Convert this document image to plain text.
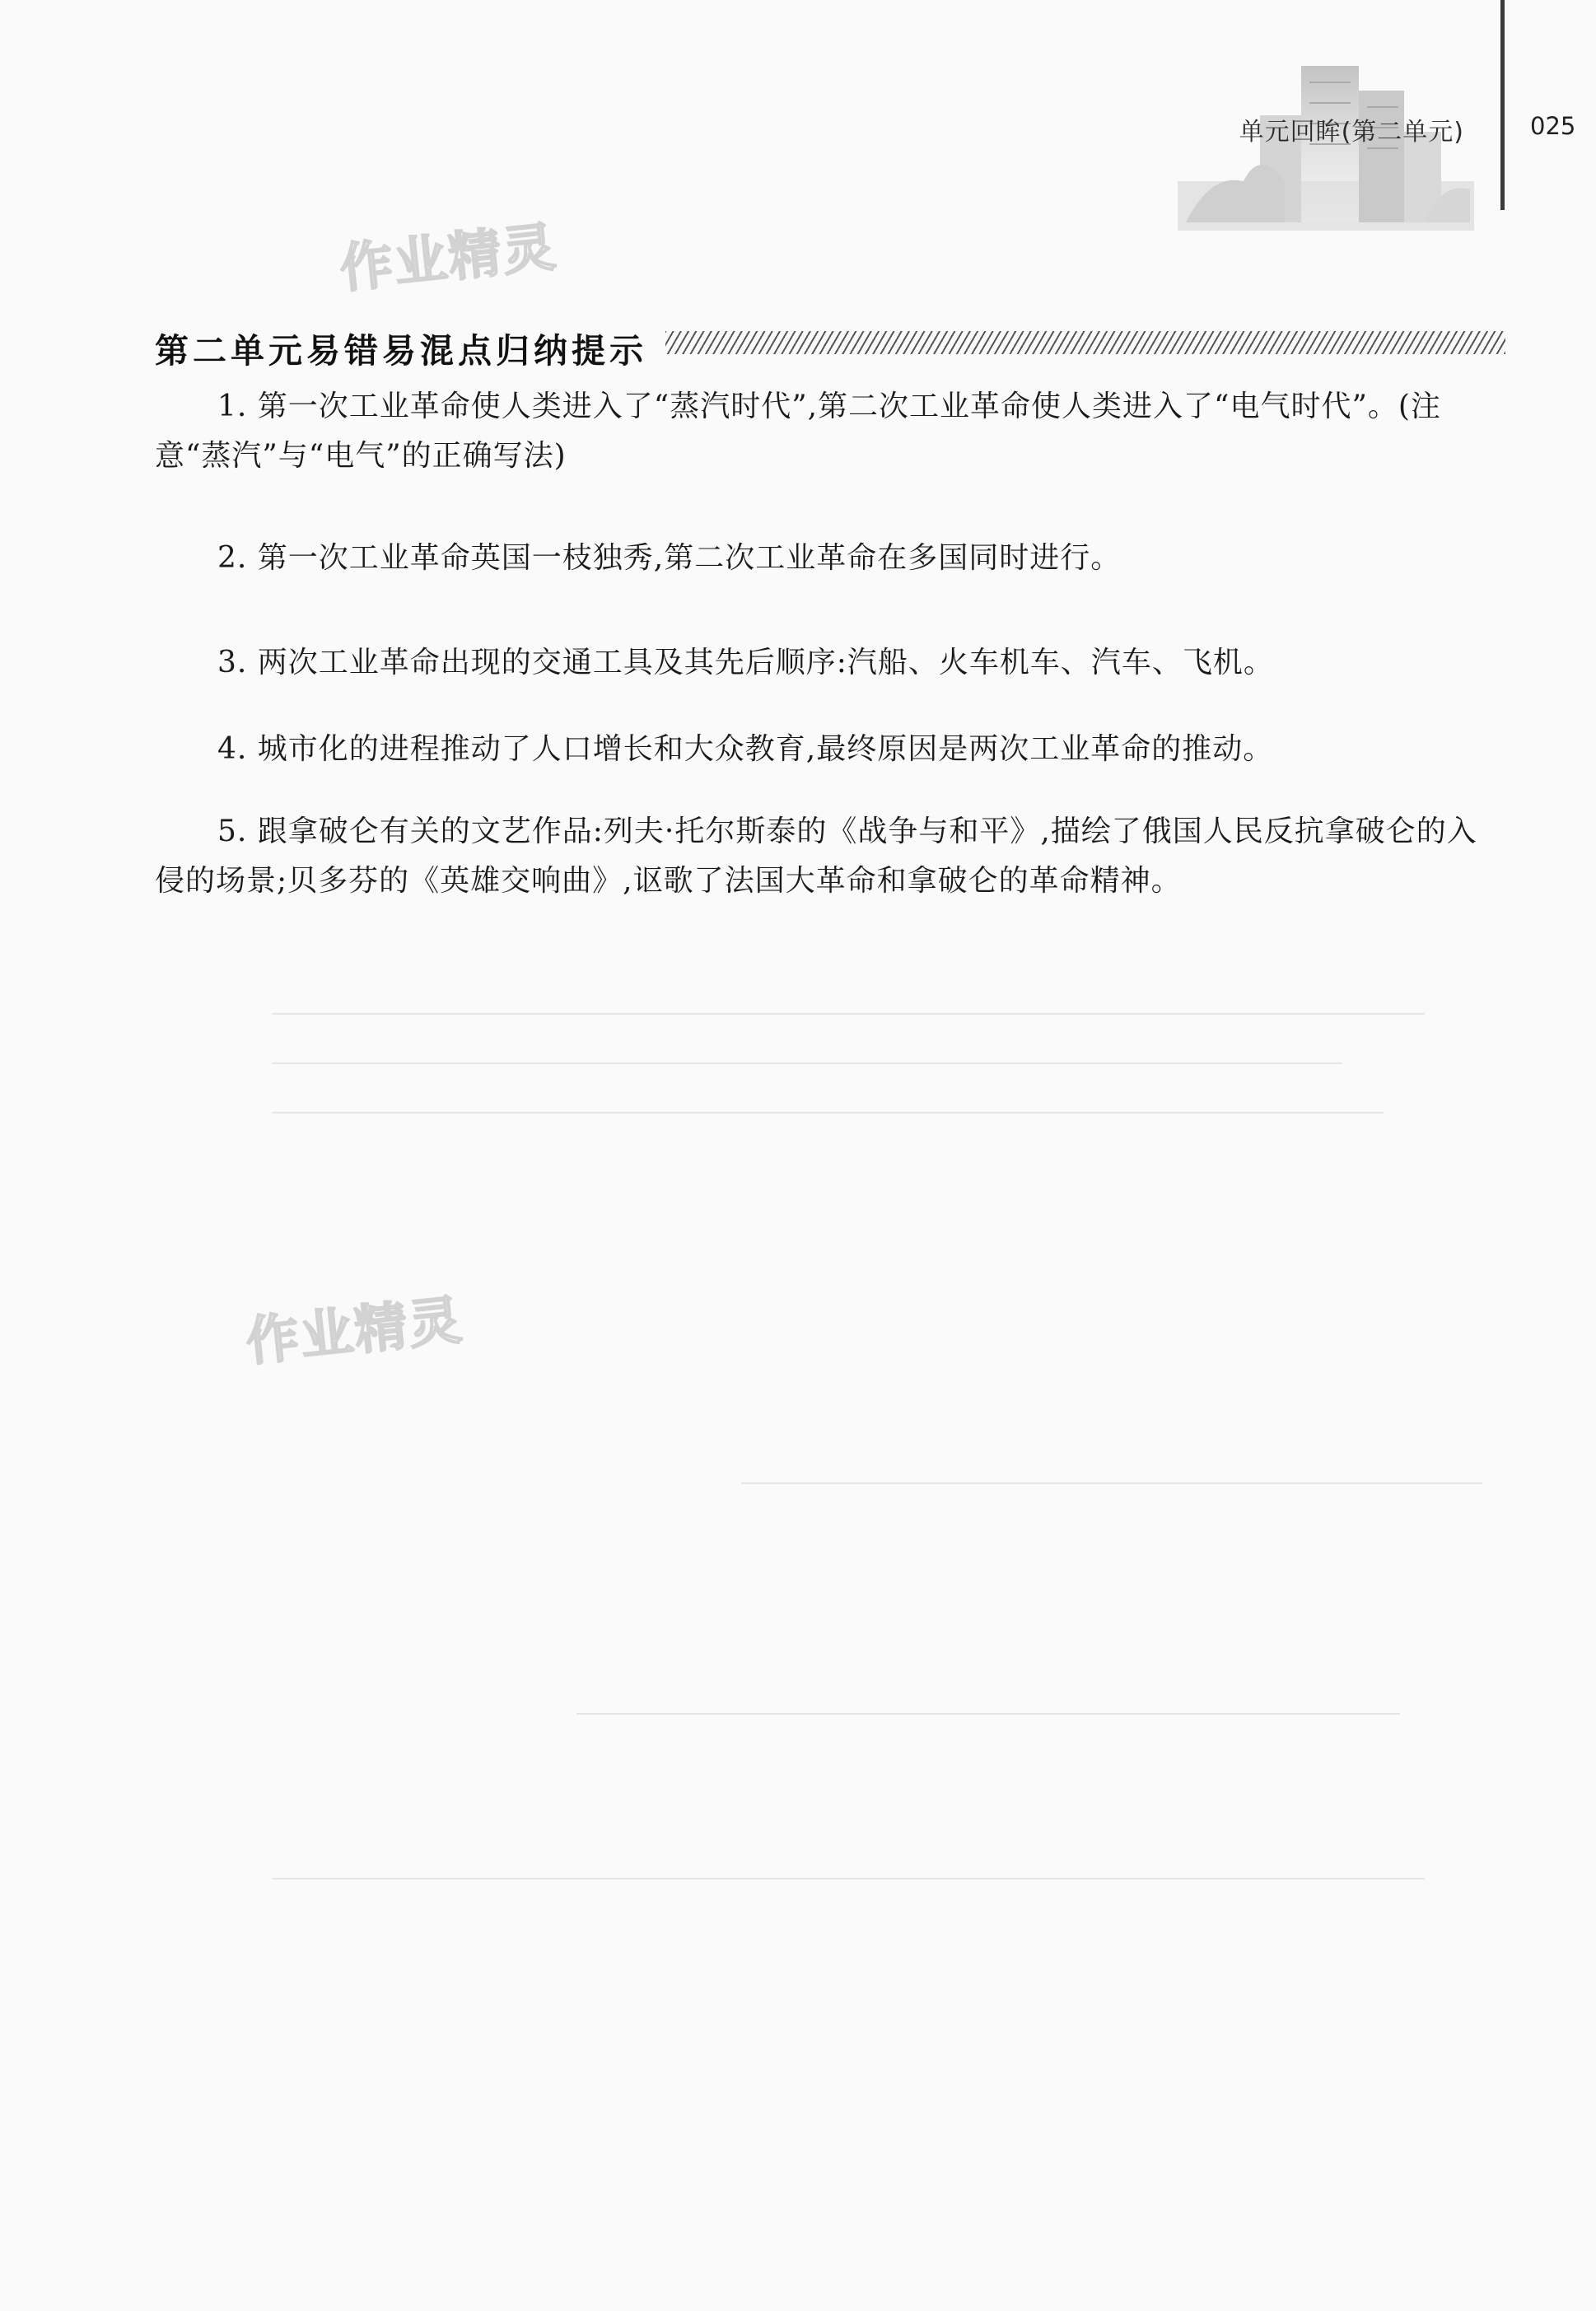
单元回眸(第二单元)	025
作业精灵
作业精灵
第二单元易错易混点归纳提示
1. 第一次工业革命使人类进入了“蒸汽时代”,第二次工业革命使人类进入了“电气时代”。(注意“蒸汽”与“电气”的正确写法)
2. 第一次工业革命英国一枝独秀,第二次工业革命在多国同时进行。
3. 两次工业革命出现的交通工具及其先后顺序:汽船、火车机车、汽车、飞机。
4. 城市化的进程推动了人口增长和大众教育,最终原因是两次工业革命的推动。
5. 跟拿破仑有关的文艺作品:列夫·托尔斯泰的《战争与和平》,描绘了俄国人民反抗拿破仑的入侵的场景;贝多芬的《英雄交响曲》,讴歌了法国大革命和拿破仑的革命精神。
